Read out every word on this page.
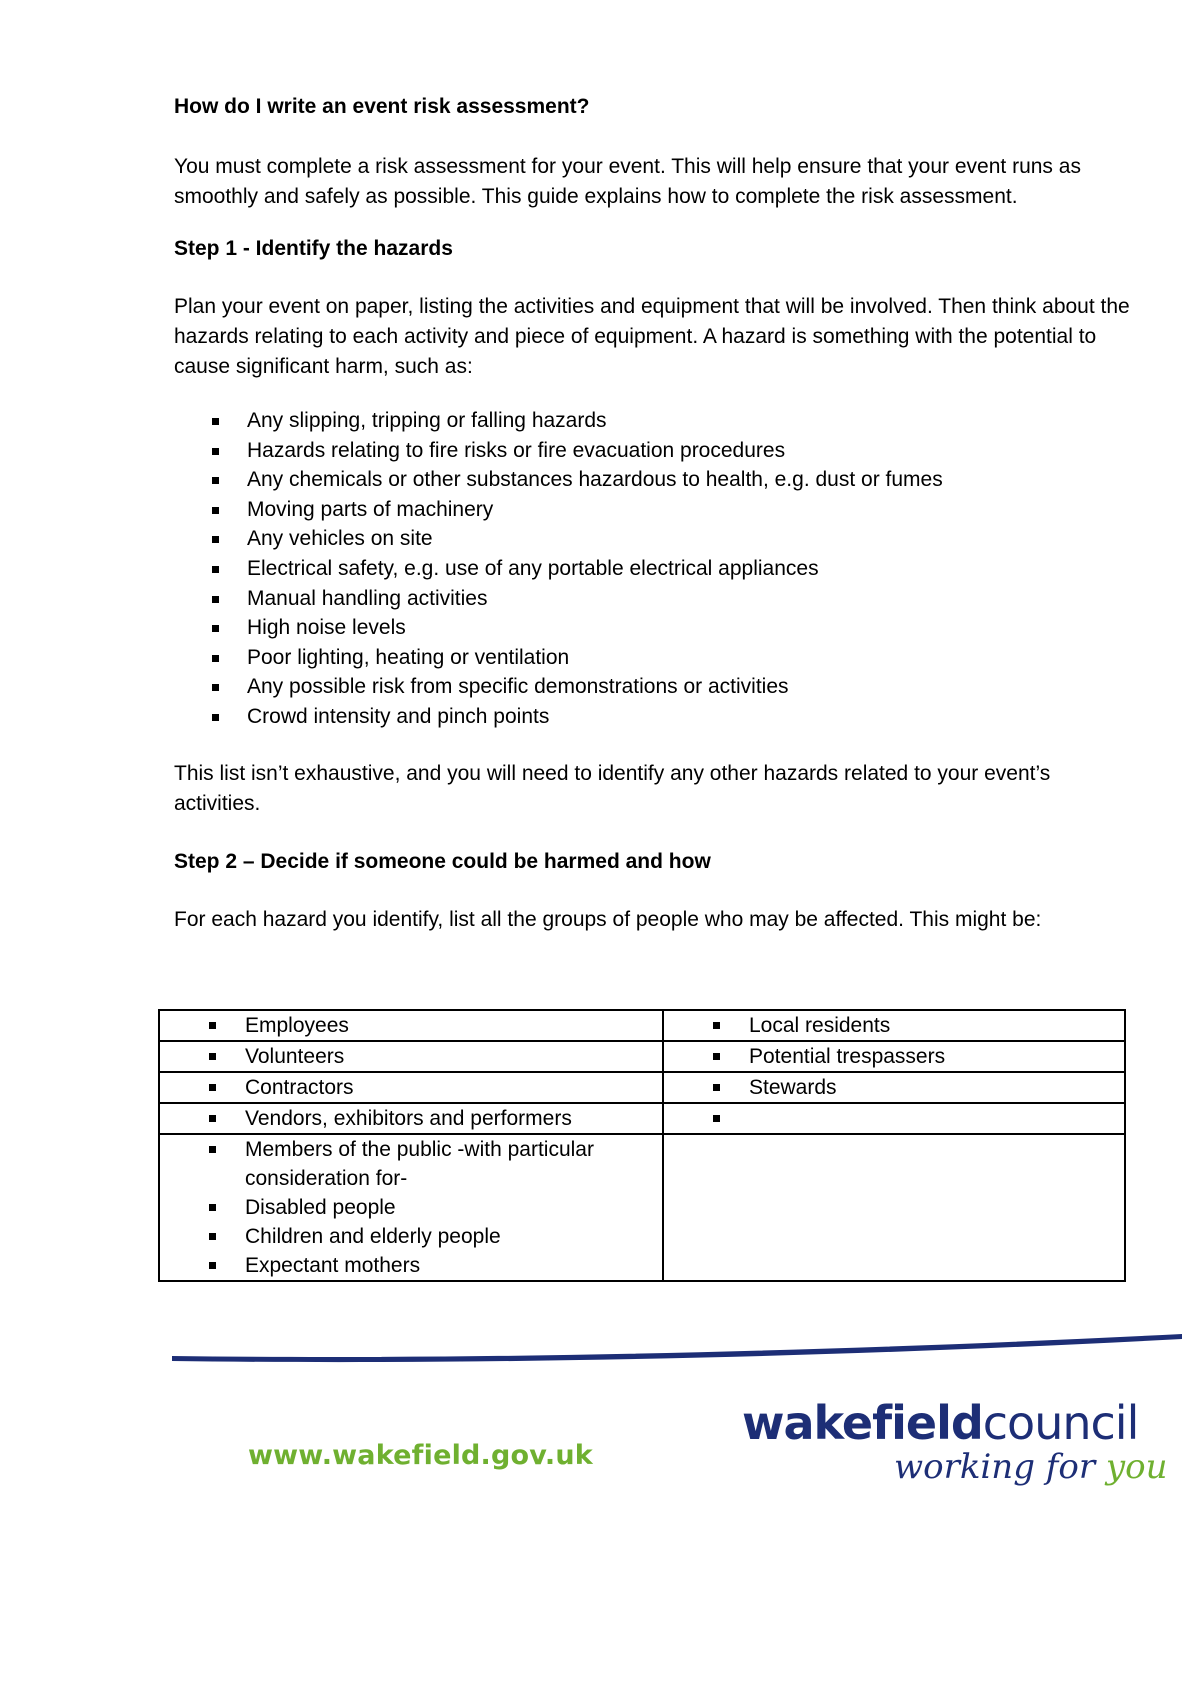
How do I write an event risk assessment?

You must complete a risk assessment for your event. This will help ensure that your event runs as smoothly and safely as possible. This guide explains how to complete the risk assessment.

Step 1 - Identify the hazards

Plan your event on paper, listing the activities and equipment that will be involved. Then think about the hazards relating to each activity and piece of equipment. A hazard is something with the potential to cause significant harm, such as:

Any slipping, tripping or falling hazards
Hazards relating to fire risks or fire evacuation procedures
Any chemicals or other substances hazardous to health, e.g. dust or fumes
Moving parts of machinery
Any vehicles on site
Electrical safety, e.g. use of any portable electrical appliances
Manual handling activities
High noise levels
Poor lighting, heating or ventilation
Any possible risk from specific demonstrations or activities
Crowd intensity and pinch points

This list isn’t exhaustive, and you will need to identify any other hazards related to your event’s activities.

Step 2 – Decide if someone could be harmed and how

For each hazard you identify, list all the groups of people who may be affected. This might be:

Employees	Local residents

Volunteers	Potential trespassers

Contractors	Stewards

Vendors, exhibitors and performers	

Members of the public -with particular consideration for-
Disabled people
Children and elderly people
Expectant mothers	

www.wakefield.gov.uk
wakefieldcouncil
working for you
